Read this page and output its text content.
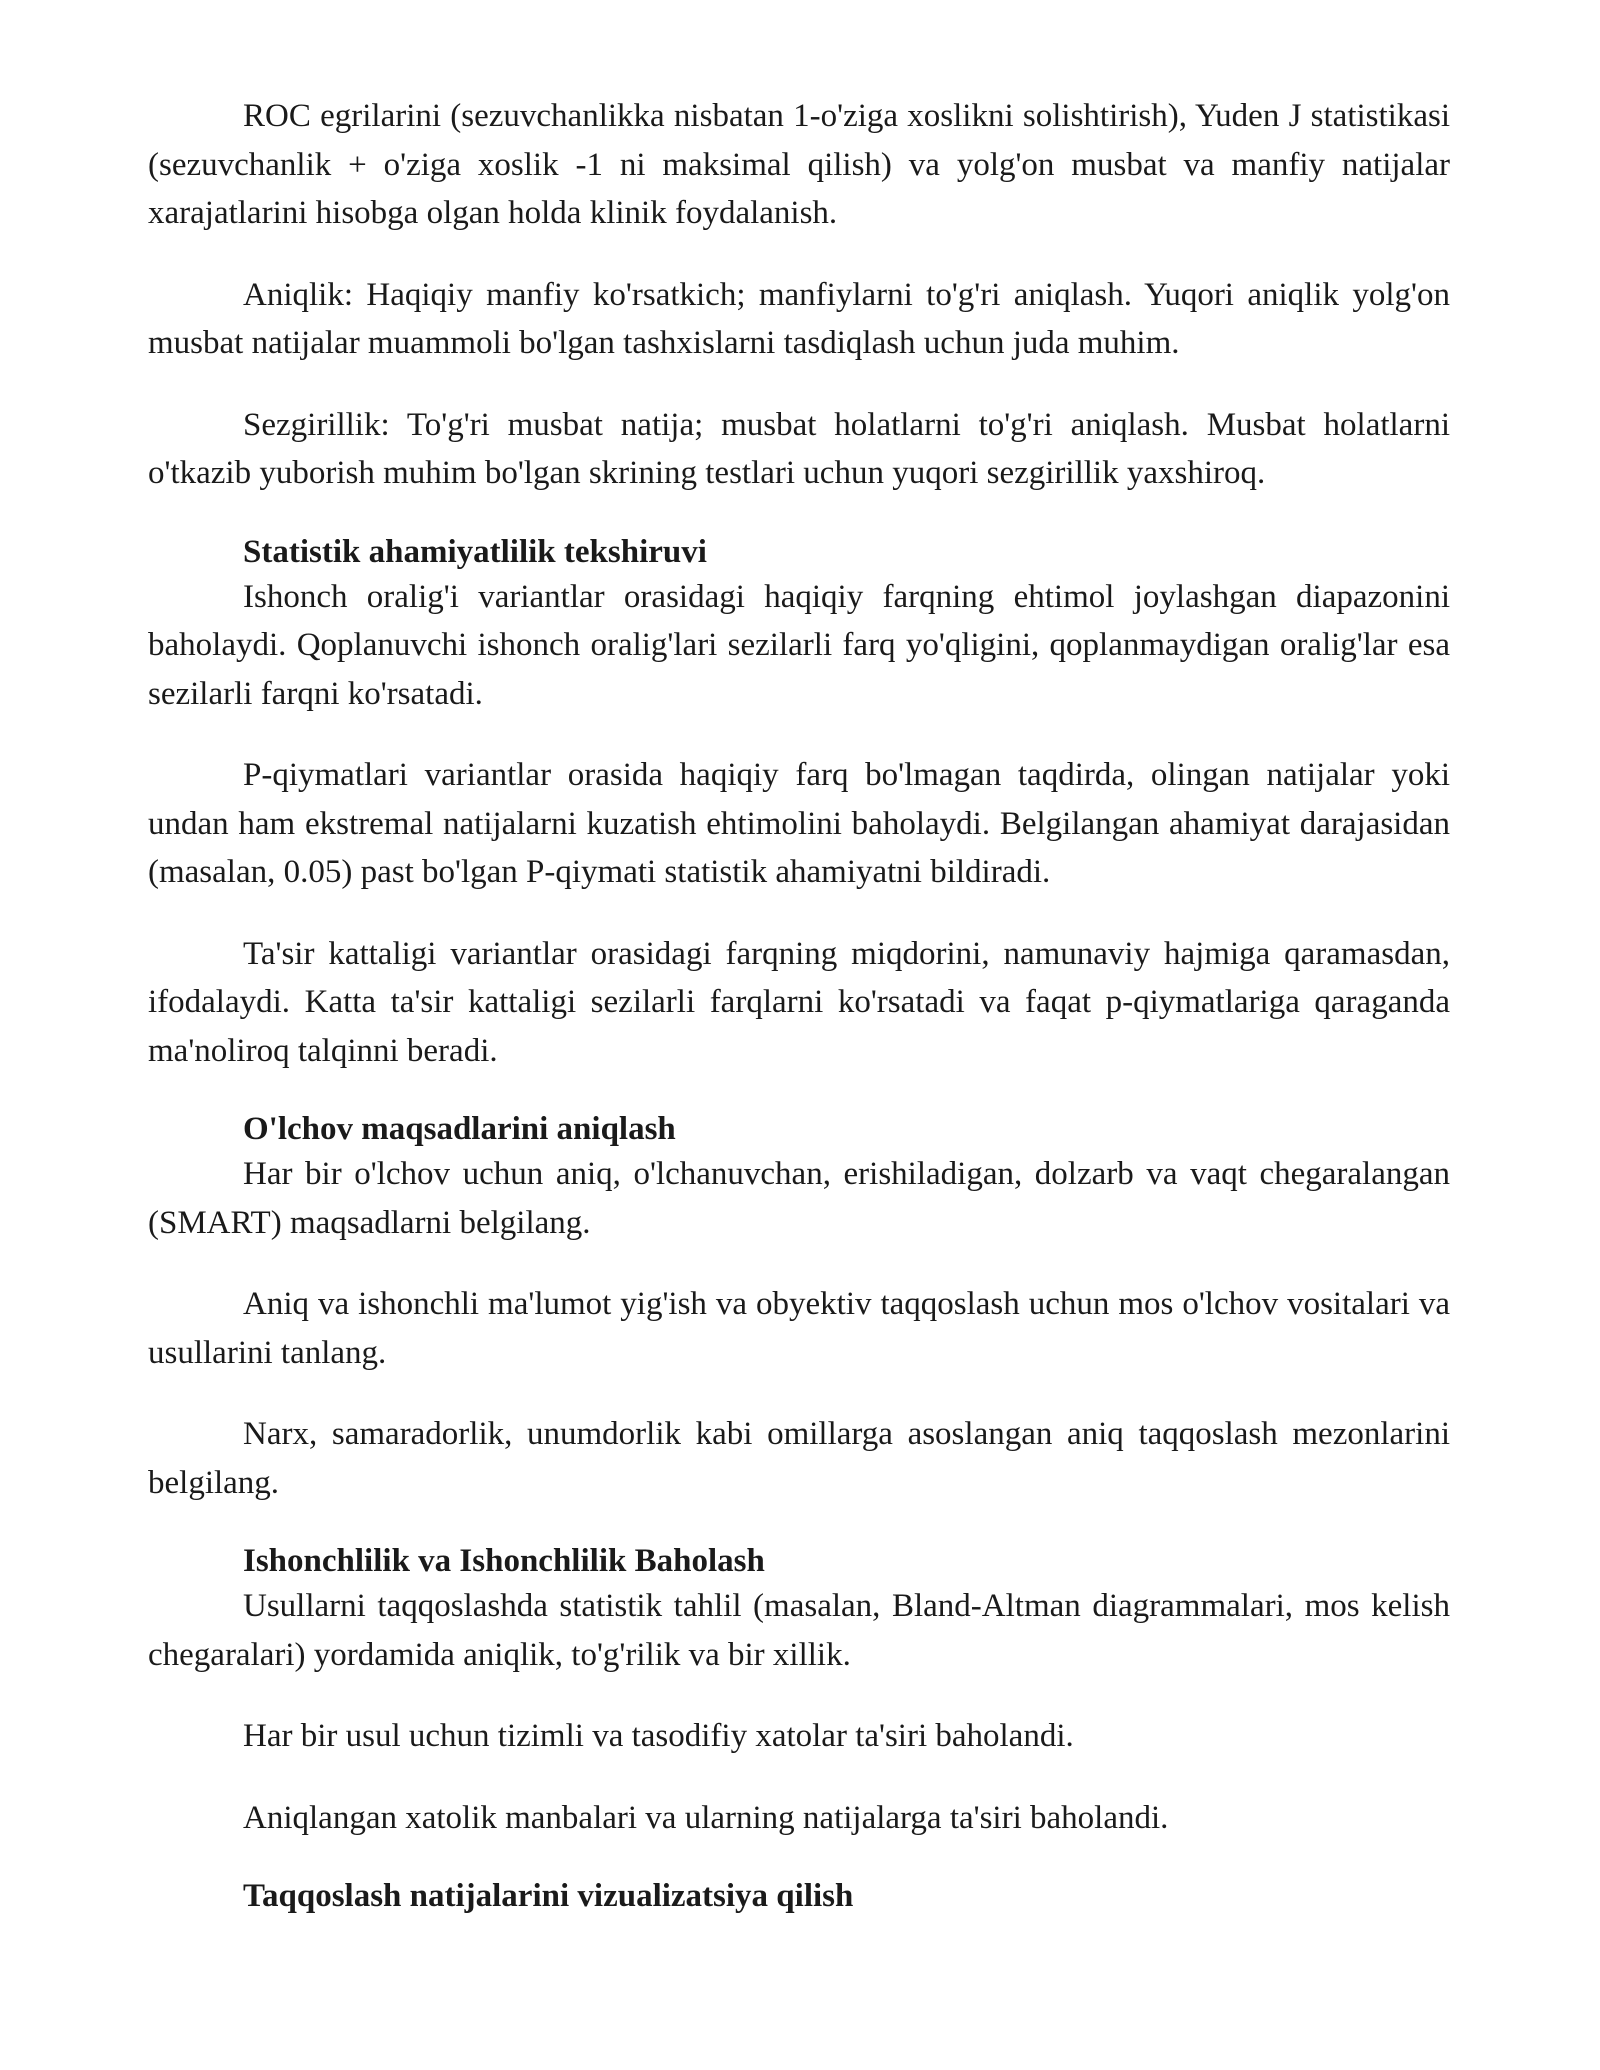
ROC egrilarini (sezuvchanlikka nisbatan 1-o'ziga xoslikni solishtirish), Yuden J statistikasi (sezuvchanlik + o'ziga xoslik -1 ni maksimal qilish) va yolg'on musbat va manfiy natijalar xarajatlarini hisobga olgan holda klinik foydalanish.

Aniqlik: Haqiqiy manfiy ko'rsatkich; manfiylarni to'g'ri aniqlash. Yuqori aniqlik yolg'on musbat natijalar muammoli bo'lgan tashxislarni tasdiqlash uchun juda muhim.

Sezgirillik: To'g'ri musbat natija; musbat holatlarni to'g'ri aniqlash. Musbat holatlarni o'tkazib yuborish muhim bo'lgan skrining testlari uchun yuqori sezgirillik yaxshiroq.

Statistik ahamiyatlilik tekshiruvi

Ishonch oralig'i variantlar orasidagi haqiqiy farqning ehtimol joylashgan diapazonini baholaydi. Qoplanuvchi ishonch oralig'lari sezilarli farq yo'qligini, qoplanmaydigan oralig'lar esa sezilarli farqni ko'rsatadi.

P-qiymatlari variantlar orasida haqiqiy farq bo'lmagan taqdirda, olingan natijalar yoki undan ham ekstremal natijalarni kuzatish ehtimolini baholaydi. Belgilangan ahamiyat darajasidan (masalan, 0.05) past bo'lgan P-qiymati statistik ahamiyatni bildiradi.

Ta'sir kattaligi variantlar orasidagi farqning miqdorini, namunaviy hajmiga qaramasdan, ifodalaydi. Katta ta'sir kattaligi sezilarli farqlarni ko'rsatadi va faqat p-qiymatlariga qaraganda ma'noliroq talqinni beradi.

O'lchov maqsadlarini aniqlash

Har bir o'lchov uchun aniq, o'lchanuvchan, erishiladigan, dolzarb va vaqt chegaralangan (SMART) maqsadlarni belgilang.

Aniq va ishonchli ma'lumot yig'ish va obyektiv taqqoslash uchun mos o'lchov vositalari va usullarini tanlang.

Narx, samaradorlik, unumdorlik kabi omillarga asoslangan aniq taqqoslash mezonlarini belgilang.

Ishonchlilik va Ishonchlilik Baholash

Usullarni taqqoslashda statistik tahlil (masalan, Bland-Altman diagrammalari, mos kelish chegaralari) yordamida aniqlik, to'g'rilik va bir xillik.

Har bir usul uchun tizimli va tasodifiy xatolar ta'siri baholandi.

Aniqlangan xatolik manbalari va ularning natijalarga ta'siri baholandi.

Taqqoslash natijalarini vizualizatsiya qilish
